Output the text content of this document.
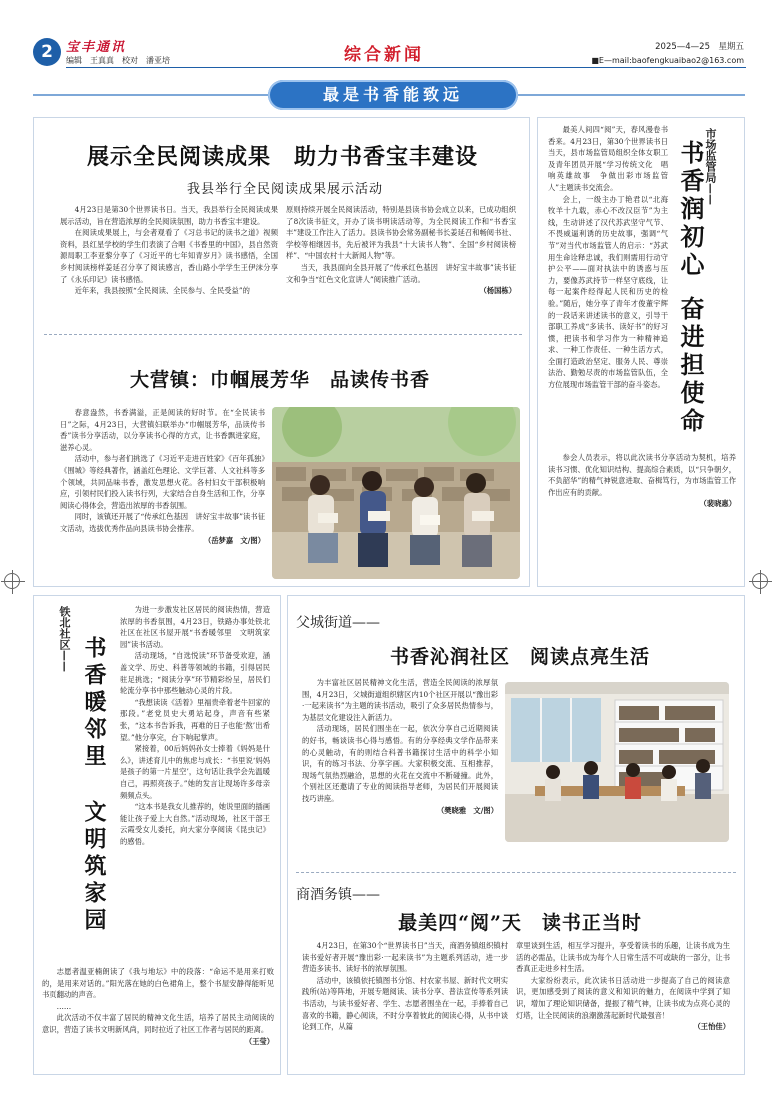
2	宝丰通讯
编辑　王真真　校对　潘亚培	综合新闻	2025—4—25　星期五
■E—mail:baofengkuaibao2@163.com
最是书香能致远
展示全民阅读成果　助力书香宝丰建设
我县举行全民阅读成果展示活动

4月23日是第30个世界读书日。当天，我县举行全民阅读成果展示活动，旨在营造浓厚的全民阅读氛围，助力书香宝丰建设。

在阅读成果展上，与会者观看了《习总书记的读书之道》视频资料，县红星学校的学生们表演了合唱《书香里的中国》，县自然资源局职工李亚黎分享了《习近平的七年知青岁月》读书感悟，全国乡村阅读榜样姜延召分享了阅读感言，香山路小学学生王伊沫分享了《永乐印记》读书感悟。

近年来，我县按照“全民阅读、全民参与、全民受益”的

原则持续开展全民阅读活动，特别是县读书协会成立以来，已成功组织了8次读书征文，开办了读书明读活动等，为全民阅读工作和“书香宝丰”建设工作注入了活力。县读书协会常务副秘书长姜延召和畅阅书社、学校等相继因书，先后被评为我县“十大读书人物”、全国“乡村阅读榜样”、“中国农村十大新闻人物”等。

当天，我县面向全县开展了“传承红色基因　讲好宝丰故事”读书征文和争当“红色文化宣讲人”阅读推广活动。

（杨国栋）

大营镇：巾帼展芳华　品读传书香

春意盎然，书香满溢，正是阅读的好时节。在“全民读书日”之际，4月23日，大营镇妇联举办“巾帼展芳华，品读传书香”读书分享活动，以分享读书心得的方式，让书香飘进家庭，滋养心灵。

活动中，参与者们挑选了《习近平走进百姓家》《百年孤独》《围城》等经典著作，涵盖红色理论、文学巨著、人文社科等多个领域，共同品味书香，激发思想火花。各村妇女干部积极响应，引领村民们投入读书行列，大家结合自身生活和工作，分享阅读心得体会，营造出浓厚的书香氛围。

同时，该镇还开展了“传承红色基因　讲好宝丰故事”读书征文活动，选拔优秀作品向县读书协会推荐。

（岳梦嘉　文/图）

最美人间四“阅”天，春风漫卷书香来。4月23日，第30个世界读书日当天，县市场监管局组织全体女职工及青年团员开展“学习传统文化　唱响英雄故事　争做出彩市场监管人”主题读书交流会。

会上，一级主办丁艳君以“北海牧羊十九载，赤心不改汉臣节”为主线，生动讲述了汉代苏武坚守气节、不畏威逼利诱的历史故事，强调“气节”对当代市场监管人的启示：“苏武用生命诠释忠诚，我们则需用行动守护公平——面对执法中的诱惑与压力，要像苏武持节一样坚守底线，让每一起案件经得起人民和历史的检验。”随后，她分享了青年才俊董宇辉的一段话来讲述读书的意义，引导干部职工养成“多读书、读好书”的好习惯，把读书和学习作为一种精神追求、一种工作责任、一种生活方式，全面打造政治坚定、服务人民、尊崇法治、勤勉尽责的市场监管队伍，全方位展现市场监管干部的奋斗姿态。

市场监管局——
书香润初心
奋进担使命

参会人员表示，将以此次读书分享活动为契机，培养读书习惯、优化知识结构、提高综合素质，以“只争朝夕，不负韶华”的精气神锐意进取、奋楫笃行，为市场监管工作作出应有的贡献。

（裴晓惠）

铁北社区—— 书香暖邻里
文明筑家园

为进一步激发社区居民的阅读热情，营造浓厚的书香氛围，4月23日，铁路办事处铁北社区在社区书屋开展“书香暖邻里　文明筑家园”读书活动。

活动现场，“自选悦读”环节备受欢迎，涵盖文学、历史、科普等领域的书籍，引得居民驻足挑选；“阅读分享”环节精彩纷呈，居民们轮流分享书中那些触动心灵的片段。

“我想读读《活着》里福贵牵着老牛回家的那段。”老党员史大勇站起身，声音有些紧张，“这本书告诉我，再难的日子也能‘熬’出希望。”他分享完，台下响起掌声。

紧接着，00后妈妈孙女士捧着《妈妈是什么》，讲述育儿中的焦虑与成长：“书里说‘妈妈是孩子的第一片星空’，这句话让我学会先温暖自己，再照亮孩子。”她的发言让现场许多母亲频频点头。

“这本书是我女儿推荐的，她说里面的插画能让孩子爱上大自然。”活动现场，社区干部王云霞受女儿委托，向大家分享阅读《昆虫记》的感悟。

志愿者温亚楠朗读了《我与地坛》中的段落：“命运不是用来打败的，是用来对话的。”阳光落在她的白色裙角上，整个书屋安静得能听见书页翻动的声音。

……

此次活动不仅丰富了居民的精神文化生活，培养了居民主动阅读的意识，营造了读书文明新风尚，同时拉近了社区工作者与居民的距离。

（王莹）

父城街道——
书香沁润社区　阅读点亮生活

为丰富社区居民精神文化生活，营造全民阅读的浓厚氛围，4月23日，父城街道组织辖区内10个社区开展以“豫出彩·一起来读书”为主题的读书活动，吸引了众多居民热情参与，为基层文化建设注入新活力。

活动现场，居民们围坐在一起，依次分享自己近期阅读的好书，畅谈读书心得与感悟。有的分享经典文学作品带来的心灵触动，有的则结合科普书籍探讨生活中的科学小知识，有的练习书法、分享字画。大家积极交流、互相推荐，现场气氛热烈融洽，思想的火花在交流中不断碰撞。此外，个别社区还邀请了专业的阅读指导老师，为居民们开展阅读技巧讲座。

（樊晓雅　文/图）

商酒务镇——
最美四“阅”天　读书正当时

4月23日，在第30个“世界读书日”当天，商酒务镇组织镇村读书爱好者开展“豫出彩·一起来读书”为主题系列活动，进一步营造多读书、读好书的浓厚氛围。

活动中，该镇依托镇图书分馆、村农家书屋、新时代文明实践所(站)等阵地，开展专题阅读、读书分享、普法宣传等系列读书活动，与读书爱好者、学生、志愿者围坐在一起，手捧着自己喜欢的书籍，静心阅读，不时分享着彼此的阅读心得，从书中谈论到工作，从篇

章里谈到生活，相互学习提升，享受着读书的乐趣，让读书成为生活的必需品，让读书成为每个人日常生活不可或缺的一部分，让书香真正走进乡村生活。

大家纷纷表示，此次读书日活动进一步提高了自己的阅读意识，更加感受到了阅读的意义和知识的魅力，在阅读中学到了知识，增加了理论知识储备，提振了精气神，让读书成为点亮心灵的灯塔，让全民阅读的浪潮激荡起新时代最强音！

（王怡佳）
